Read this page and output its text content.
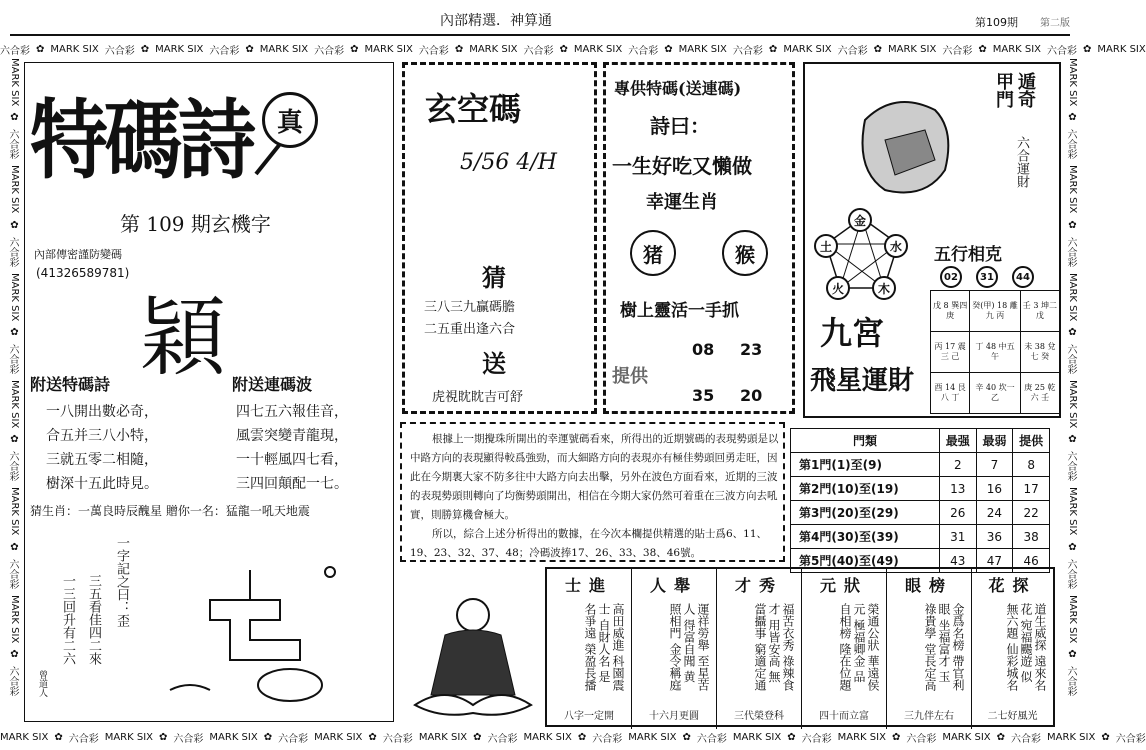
內部精選．神算通	第109期 第二版
六合彩 ✿ MARK SIX 六合彩 ✿ MARK SIX 六合彩 ✿ MARK SIX 六合彩 ✿ MARK SIX 六合彩 ✿ MARK SIX 六合彩 ✿ MARK SIX 六合彩 ✿ MARK SIX 六合彩 ✿ MARK SIX 六合彩 ✿ MARK SIX 六合彩 ✿ MARK SIX 六合彩 ✿ MARK SIX
MARK SIX ✿ 六合彩 MARK SIX ✿ 六合彩 MARK SIX ✿ 六合彩 MARK SIX ✿ 六合彩 MARK SIX ✿ 六合彩 MARK SIX ✿ 六合彩 MARK SIX ✿ 六合彩 MARK SIX ✿ 六合彩 MARK SIX ✿ 六合彩 MARK SIX ✿ 六合彩 MARK SIX ✿ 六合彩
MARK SIX
✿
六合彩
MARK SIX
✿
六合彩
MARK SIX
✿
六合彩
MARK SIX
✿
六合彩
MARK SIX
✿
六合彩
MARK SIX
✿
六合彩
MARK SIX
✿
六合彩
MARK SIX
✿
六合彩
MARK SIX
✿
六合彩
MARK SIX
✿
六合彩
MARK SIX
✿
六合彩
MARK SIX
✿
六合彩
特碼詩 真
第 109 期玄機字
內部傳密謹防變碼
(41326589781)
穎
附送特碼詩
一八開出數必奇，
合五并三八小特，
三就五零二相隨，
樹深十五此時見。
附送連碼波
四七五六報佳音，
風雲突變青龍現，
一十輕風四七看，
三四回顛配一七。
猜生肖：一萬良時辰醜星 贈你一名：猛龍一吼天地震
一字記之曰：歪
三五看佳四二來
一三回升有二六
曾道人
玄空碼
5/56 4/H
猜
三八三九贏碼膽
二五重出逢六合
送
虎視眈眈吉可舒
專供特碼(送連碼)
詩曰：
一生好吃又懶做
幸運生肖
猪	猴
樹上靈活一手抓
提供
08 23
35 20
遁奇
甲門
六合運財
金
水
木
火
土	五行相克
02	31	44
九宮
飛星運財
戊 8 巽四 庚	癸(甲) 18 離九 丙	壬 3 坤二 戊
丙 17 震三 己	丁 48 中五 午	未 38 兌七 癸
酉 14 艮八 丁	辛 40 坎一 乙	庚 25 乾六 壬
根據上一期攪珠所開出的幸運號碼看來，所得出的近期號碼的表現勢頭是以中路方向的表現顯得較爲強勁，而大細路方向的表現亦有極佳勢頭回勇走旺，因此在今期裏大家不防多往中大路方向去出擊，另外在波色方面看來，近期的三波的表現勢頭則轉向了均衡勢頭開出，相信在今期大家仍然可着重在三波方向去吼實，則勝算機會極大。
所以，綜合上述分析得出的數據，在今次本欄提供精選的貼士爲6、11、19、23、32、37、48；冷碼波捧17、26、33、38、46號。
門類	最强	最弱	提供
第1門(1)至(9)	2	7	8
第2門(10)至(19)	13	16	17
第3門(20)至(29)	26	24	22
第4門(30)至(39)	31	36	38
第5門(40)至(49)	43	47	46
士進
高田威進 科園震士 自財人名 是名爭遠 榮盈長播
八字一定開
人舉
運祥勞舉 至星苦人 得富自聞 黄照相門 金令稱庭
十六月更圓
才秀
福苦衣秀 祿辣食才 用皆安高 無當攝事 窮適定通
三代榮登科
元狀
榮通公狀 華遠侯元 極福卿金 品自相榜 隆在位題
四十而立富
眼榜
金爲名榜 帶官利眼 坐福富才 玉祿貴學 堂長定高
三九伴左右
花探
道生威探 遠來名花 宛福颺遊 似無六題 仙彩城名
二七好風光
